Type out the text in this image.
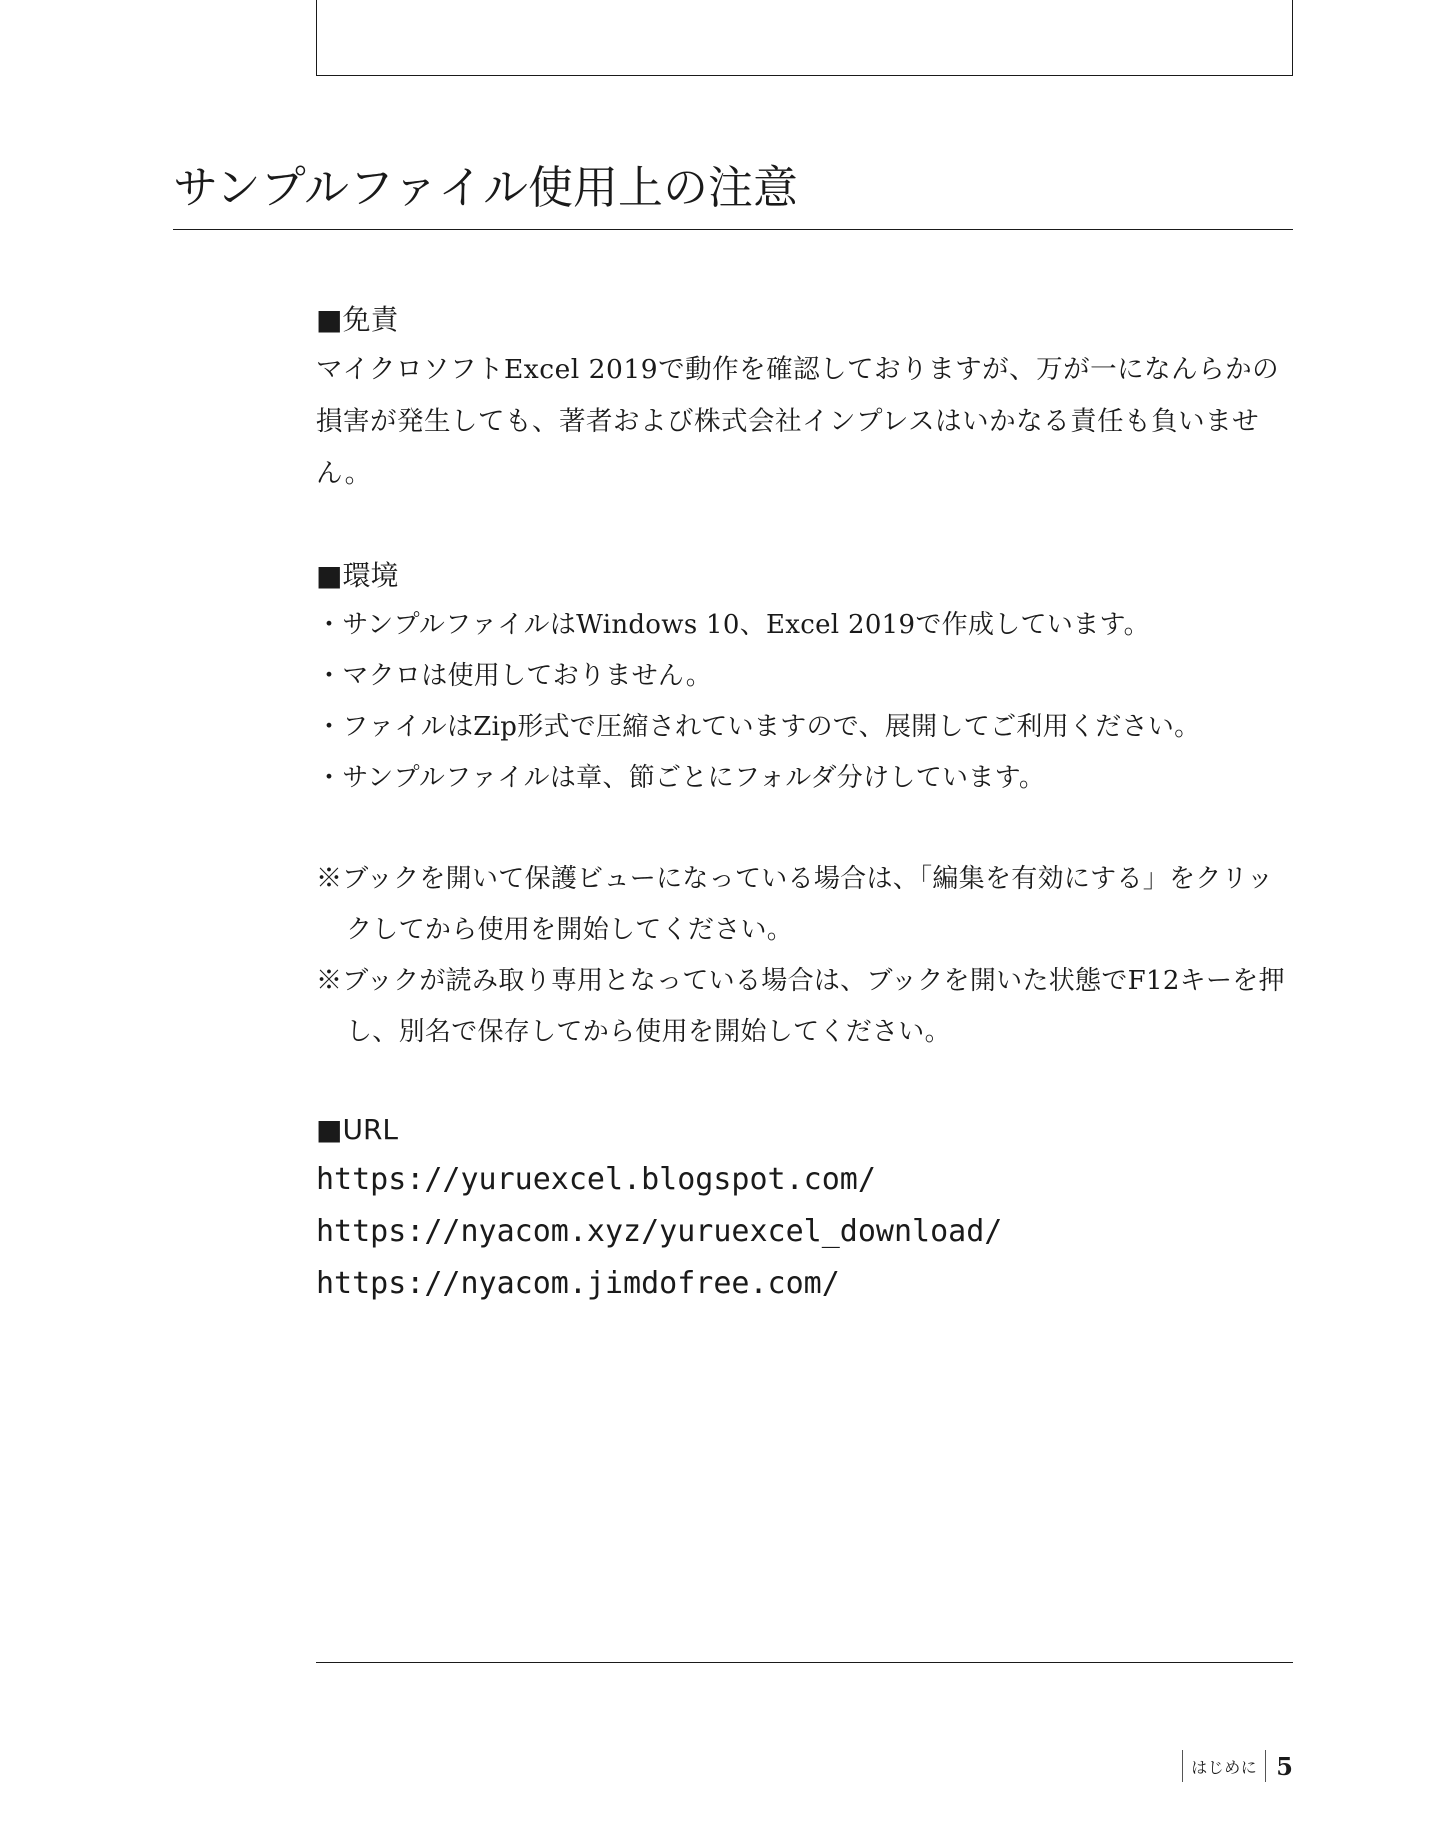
サンプルファイル使用上の注意
■免責

マイクロソフトExcel 2019で動作を確認しておりますが、万が一になんらかの損害が発生しても、著者および株式会社インプレスはいかなる責任も負いません。

■環境
・サンプルファイルはWindows 10、Excel 2019で作成しています。
・マクロは使用しておりません。
・ファイルはZip形式で圧縮されていますので、展開してご利用ください。
・サンプルファイルは章、節ごとにフォルダ分けしています。

※ブックを開いて保護ビューになっている場合は、「編集を有効にする」をクリックしてから使用を開始してください。

※ブックが読み取り専用となっている場合は、ブックを開いた状態でF12キーを押し、別名で保存してから使用を開始してください。

■URL

https://yuruexcel.blogspot.com/

https://nyacom.xyz/yuruexcel_download/

https://nyacom.jimdofree.com/

はじめに 5
